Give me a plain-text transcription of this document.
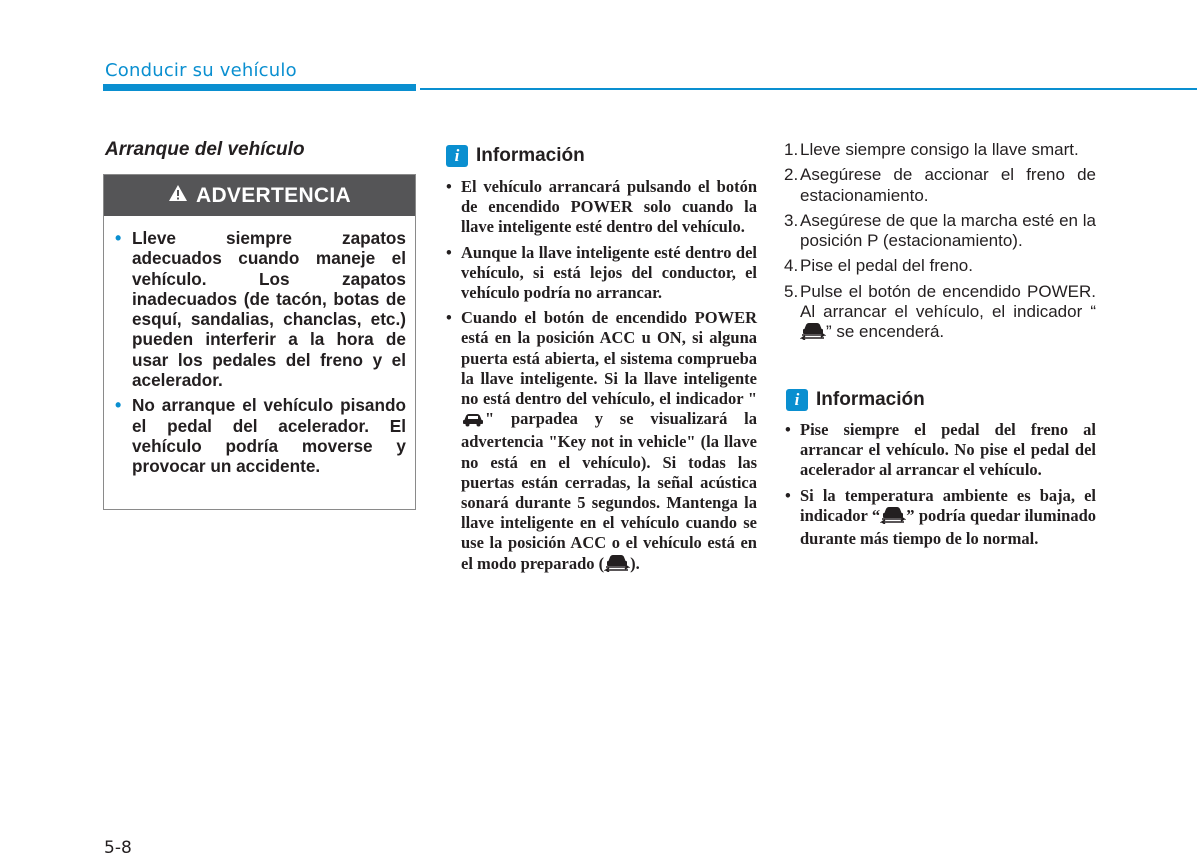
Conducir su vehículo
Arranque del vehículo
ADVERTENCIA
• Lleve siempre zapatos adecuados cuando maneje el vehículo. Los zapatos inadecuados (de tacón, botas de esquí, sandalias, chanclas, etc.) pueden interferir a la hora de usar los pedales del freno y el acelerador.
• No arranque el vehículo pisando el pedal del acelerador. El vehículo podría moverse y provocar un accidente.
i Información
• El vehículo arrancará pulsando el botón de encendido POWER solo cuando la llave inteligente esté dentro del vehículo.
• Aunque la llave inteligente esté dentro del vehículo, si está lejos del conductor, el vehículo podría no arrancar.
• Cuando el botón de encendido POWER está en la posición ACC u ON, si alguna puerta está abierta, el sistema comprueba la llave inteligente. Si la llave inteligente no está dentro del vehículo, el indicador "" parpadea y se visualizará la advertencia "Key not in vehicle" (la llave no está en el vehículo). Si todas las puertas están cerradas, la señal acústica sonará durante 5 segundos. Mantenga la llave inteligente en el vehículo cuando se use la posición ACC o el vehículo está en el modo preparado ( ).
1. Lleve siempre consigo la llave smart.
2. Asegúrese de accionar el freno de estacionamiento.
3. Asegúrese de que la marcha esté en la posición P (estacionamiento).
4. Pise el pedal del freno.
5. Pulse el botón de encendido POWER. Al arrancar el vehículo, el indicador “” se encenderá.
i Información
• Pise siempre el pedal del freno al arrancar el vehículo. No pise el pedal del acelerador al arrancar el vehículo.
• Si la temperatura ambiente es baja, el indicador “ ” podría quedar iluminado durante más tiempo de lo normal.
5-8
